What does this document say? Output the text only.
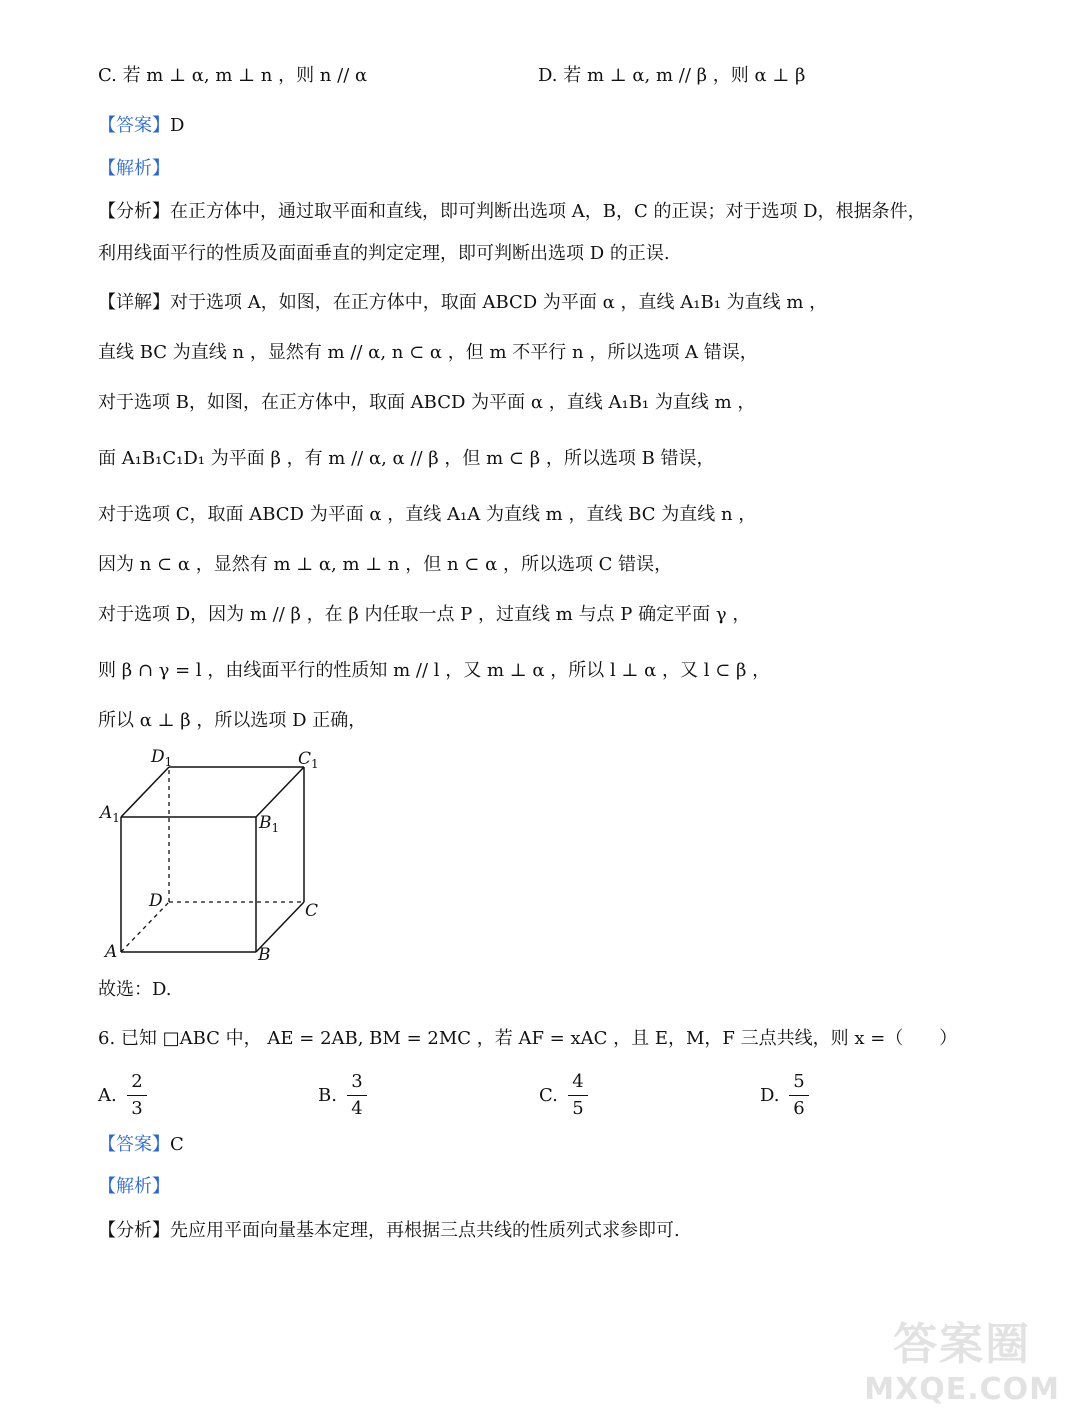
C. 若 m ⊥ α, m ⊥ n ，则 n // α	D. 若 m ⊥ α, m // β ，则 α ⊥ β
【答案】D
【解析】
【分析】在正方体中，通过取平面和直线，即可判断出选项 A，B，C 的正误；对于选项 D，根据条件，
利用线面平行的性质及面面垂直的判定定理，即可判断出选项 D 的正误.
【详解】对于选项 A，如图，在正方体中，取面 ABCD 为平面 α ，直线 A₁B₁ 为直线 m ，
直线 BC 为直线 n ，显然有 m // α, n ⊂ α ，但 m 不平行 n ，所以选项 A 错误，
对于选项 B，如图，在正方体中，取面 ABCD 为平面 α ，直线 A₁B₁ 为直线 m ，
面 A₁B₁C₁D₁ 为平面 β ，有 m // α, α // β ，但 m ⊂ β ，所以选项 B 错误，
对于选项 C，取面 ABCD 为平面 α ，直线 A₁A 为直线 m ，直线 BC 为直线 n ，
因为 n ⊂ α ，显然有 m ⊥ α, m ⊥ n ，但 n ⊂ α ，所以选项 C 错误，
对于选项 D，因为 m // β ，在 β 内任取一点 P ，过直线 m 与点 P 确定平面 γ ，
则 β ∩ γ = l ，由线面平行的性质知 m // l ，又 m ⊥ α ，所以 l ⊥ α ，又 l ⊂ β ，
所以 α ⊥ β ，所以选项 D 正确，
$D_1$	$C_1$
$A_1$	$B_1$
D	C
A	B
故选：D.
6. 已知 □ABC 中， AE = 2AB, BM = 2MC ，若 AF = xAC ，且 E，M，F 三点共线，则 x =（　　）
A.
2
3
B.
3
4
C.
4
5
D.
5
6
【答案】C
【解析】
【分析】先应用平面向量基本定理，再根据三点共线的性质列式求参即可.
答案圈
MXQE.COM
